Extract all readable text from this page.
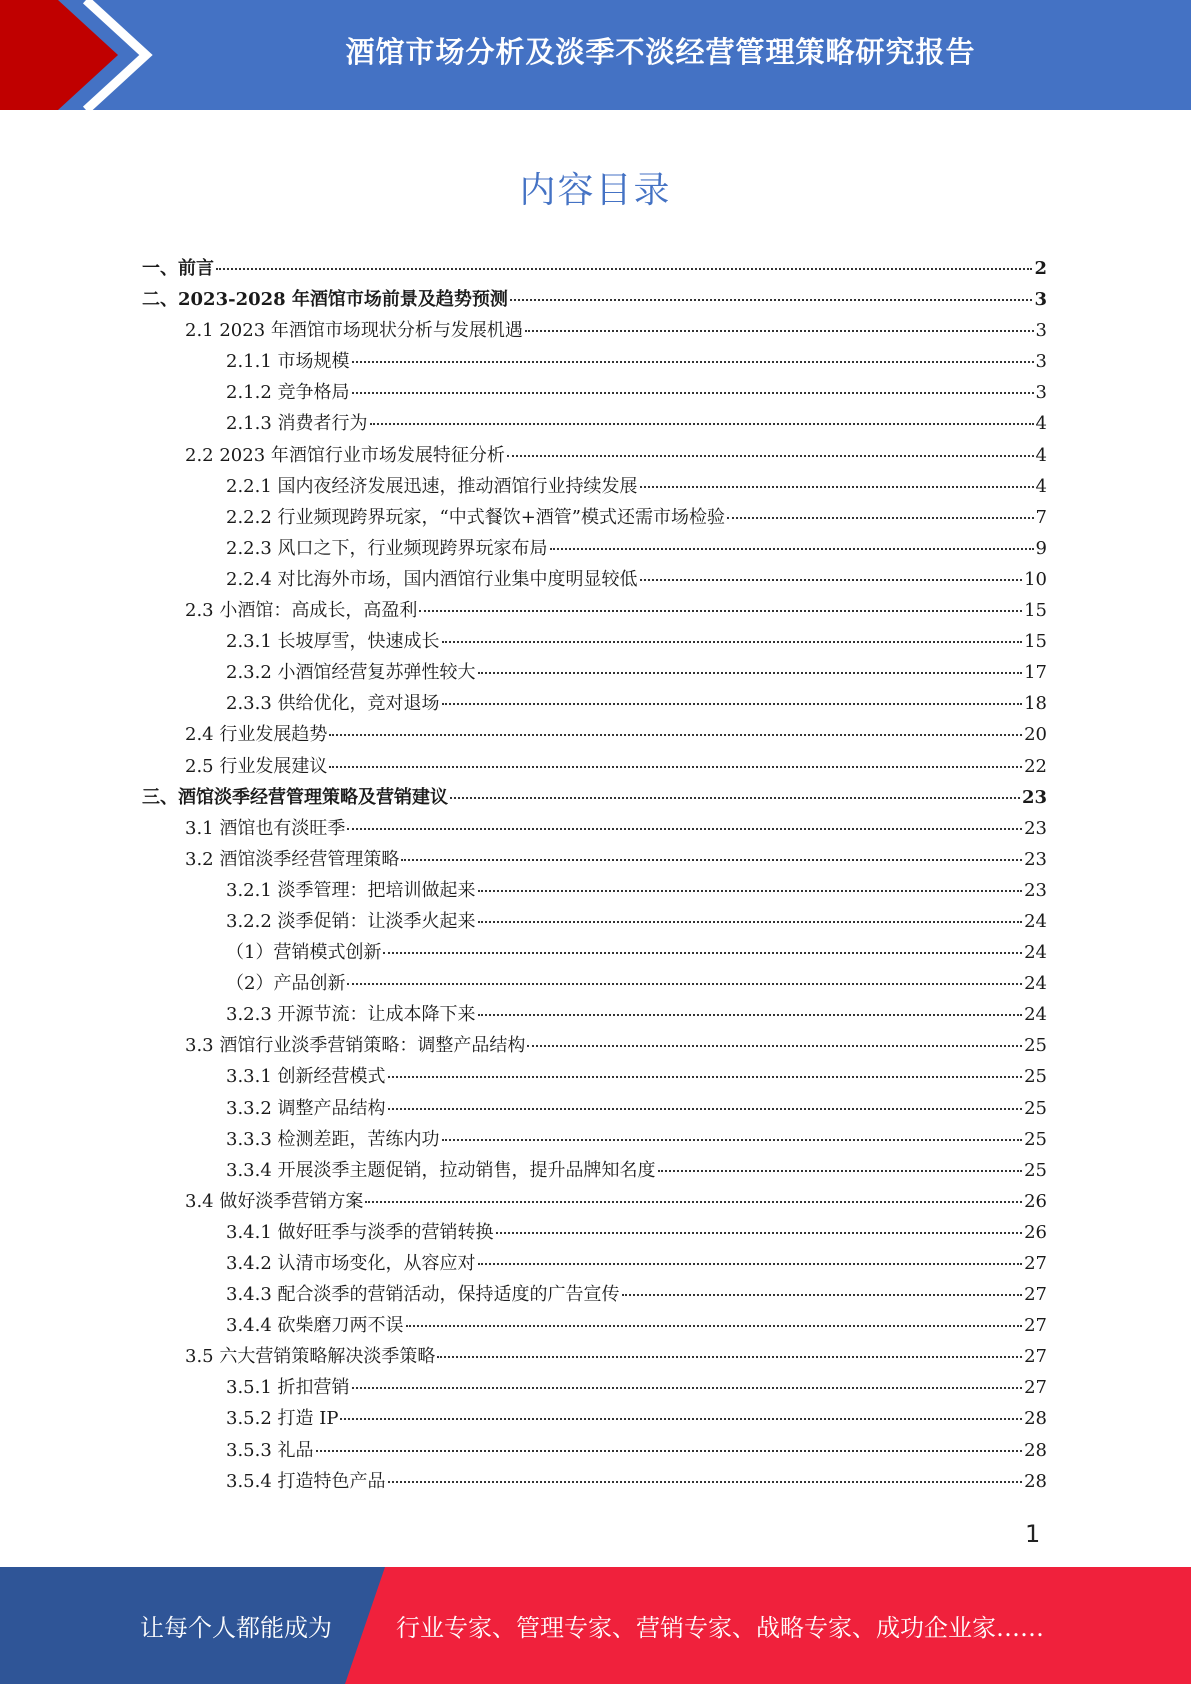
酒馆市场分析及淡季不淡经营管理策略研究报告
内容目录
一、前言	2
二、2023-2028 年酒馆市场前景及趋势预测	3
2.1 2023 年酒馆市场现状分析与发展机遇	3
2.1.1 市场规模	3
2.1.2 竞争格局	3
2.1.3 消费者行为	4
2.2 2023 年酒馆行业市场发展特征分析	4
2.2.1 国内夜经济发展迅速，推动酒馆行业持续发展	4
2.2.2 行业频现跨界玩家，“中式餐饮+酒管”模式还需市场检验	7
2.2.3 风口之下，行业频现跨界玩家布局	9
2.2.4 对比海外市场，国内酒馆行业集中度明显较低	10
2.3 小酒馆：高成长，高盈利	15
2.3.1 长坡厚雪，快速成长	15
2.3.2 小酒馆经营复苏弹性较大	17
2.3.3 供给优化，竞对退场	18
2.4 行业发展趋势	20
2.5 行业发展建议	22
三、酒馆淡季经营管理策略及营销建议	23
3.1 酒馆也有淡旺季	23
3.2 酒馆淡季经营管理策略	23
3.2.1 淡季管理：把培训做起来	23
3.2.2 淡季促销：让淡季火起来	24
（1）营销模式创新	24
（2）产品创新	24
3.2.3 开源节流：让成本降下来	24
3.3 酒馆行业淡季营销策略：调整产品结构	25
3.3.1 创新经营模式	25
3.3.2 调整产品结构	25
3.3.3 检测差距，苦练内功	25
3.3.4 开展淡季主题促销，拉动销售，提升品牌知名度	25
3.4 做好淡季营销方案	26
3.4.1 做好旺季与淡季的营销转换	26
3.4.2 认清市场变化，从容应对	27
3.4.3 配合淡季的营销活动，保持适度的广告宣传	27
3.4.4 砍柴磨刀两不误	27
3.5 六大营销策略解决淡季策略	27
3.5.1 折扣营销	27
3.5.2 打造 IP	28
3.5.3 礼品	28
3.5.4 打造特色产品	28
1
让每个人都能成为	行业专家、管理专家、营销专家、战略专家、成功企业家……
